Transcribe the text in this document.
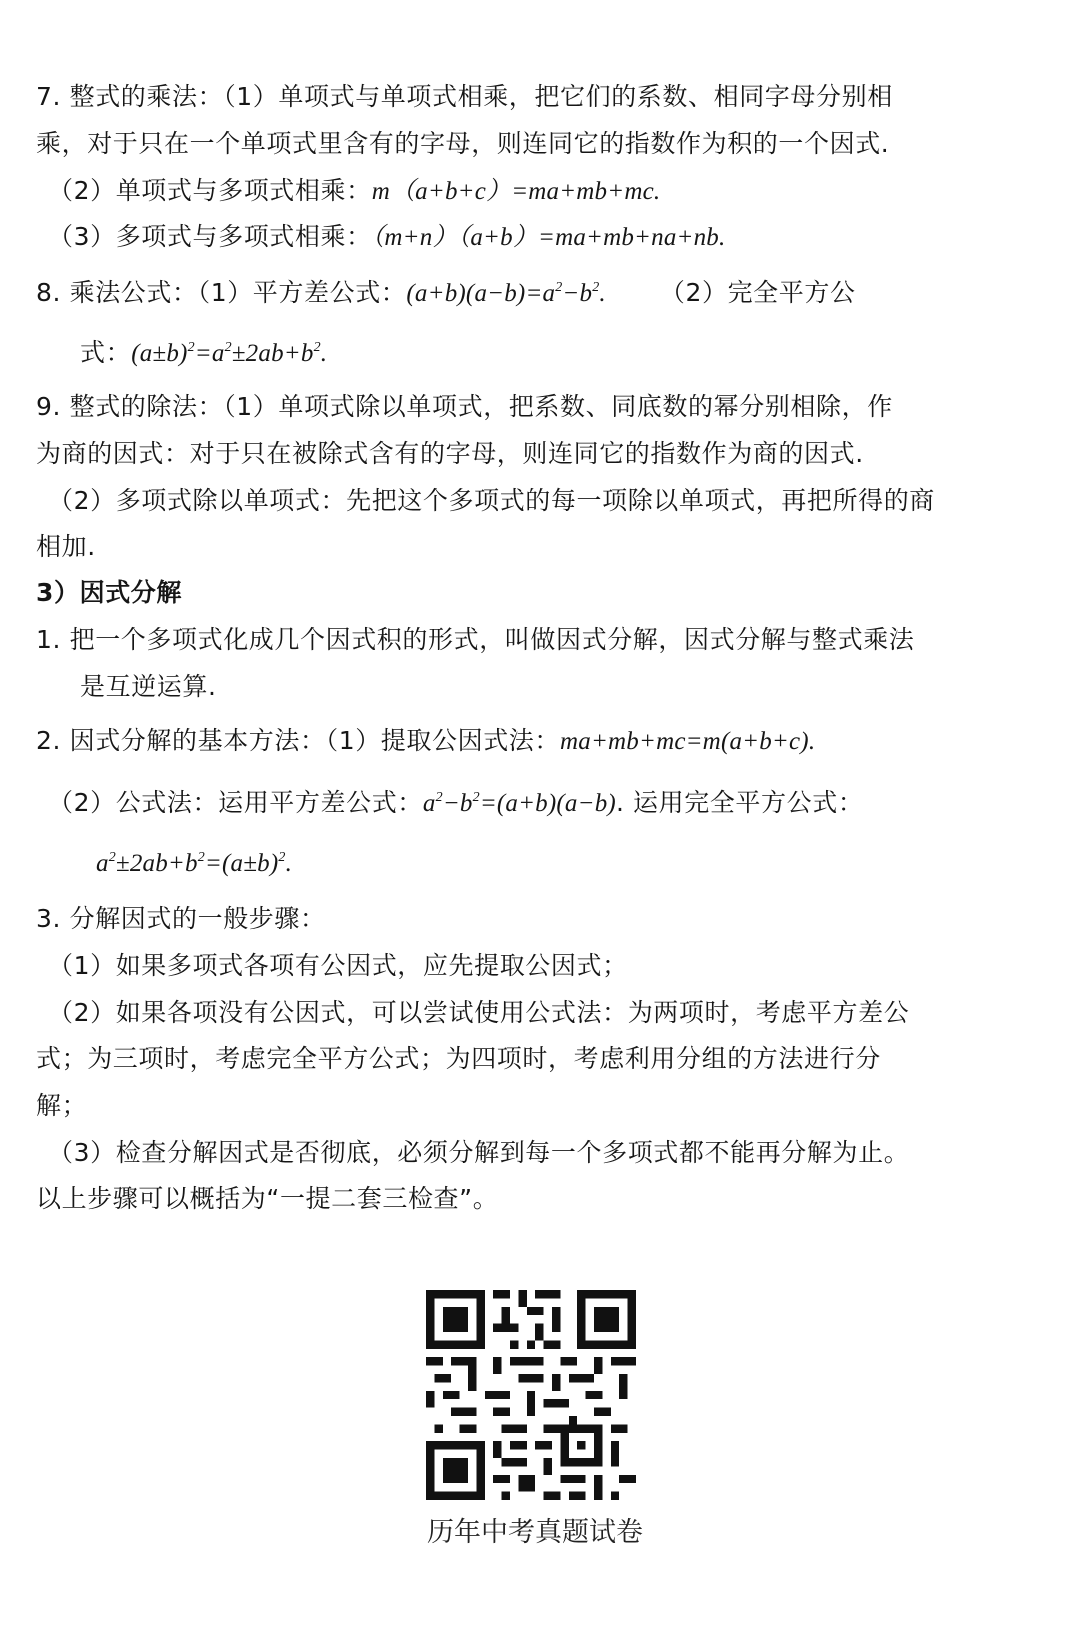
7. 整式的乘法：（1）单项式与单项式相乘，把它们的系数、相同字母分别相
乘，对于只在一个单项式里含有的字母，则连同它的指数作为积的一个因式.
（2）单项式与多项式相乘：m（a+b+c）=ma+mb+mc.
（3）多项式与多项式相乘：（m+n）（a+b）=ma+mb+na+nb.
8. 乘法公式：（1）平方差公式：$(a+b)(a-b)=a^2-b^2$. （2）完全平方公
式：$(a\pm b)^2=a^2\pm 2ab+b^2$.
9. 整式的除法：（1）单项式除以单项式，把系数、同底数的幂分别相除，作
为商的因式：对于只在被除式含有的字母，则连同它的指数作为商的因式.
（2）多项式除以单项式：先把这个多项式的每一项除以单项式，再把所得的商
相加.
3）因式分解
1. 把一个多项式化成几个因式积的形式，叫做因式分解，因式分解与整式乘法
是互逆运算.
2. 因式分解的基本方法：（1）提取公因式法：ma+mb+mc=m(a+b+c).
（2）公式法：运用平方差公式：$a^2-b^2=(a+b)(a-b)$. 运用完全平方公式：
$a^2\pm 2ab+b^2=(a\pm b)^2$.
3. 分解因式的一般步骤：
（1）如果多项式各项有公因式，应先提取公因式；
（2）如果各项没有公因式，可以尝试使用公式法：为两项时，考虑平方差公
式；为三项时，考虑完全平方公式；为四项时，考虑利用分组的方法进行分
解；
（3）检查分解因式是否彻底，必须分解到每一个多项式都不能再分解为止。
以上步骤可以概括为“一提二套三检查”。
历年中考真题试卷
